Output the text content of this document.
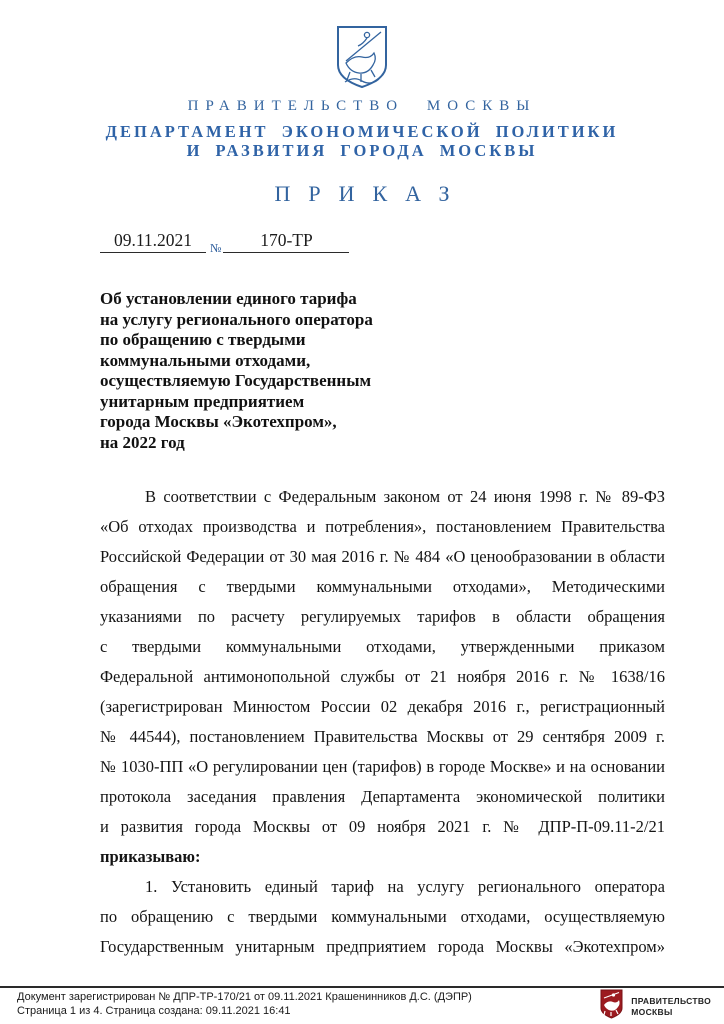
ПРАВИТЕЛЬСТВО МОСКВЫ
ДЕПАРТАМЕНТ ЭКОНОМИЧЕСКОЙ ПОЛИТИКИ
И РАЗВИТИЯ ГОРОДА МОСКВЫ
ПРИКАЗ
09.11.2021	№	170-ТР
Об установлении единого тарифа
на услугу регионального оператора
по обращению с твердыми
коммунальными отходами,
осуществляемую Государственным
унитарным предприятием
города Москвы «Экотехпром»,
на 2022 год
В соответствии с Федеральным законом от 24 июня 1998 г. № 89-ФЗ
«Об отходах производства и потребления», постановлением Правительства
Российской Федерации от 30 мая 2016 г. № 484 «О ценообразовании в области
обращения с твердыми коммунальными отходами», Методическими
указаниями по расчету регулируемых тарифов в области обращения
с твердыми коммунальными отходами, утвержденными приказом
Федеральной антимонопольной службы от 21 ноября 2016 г. № 1638/16
(зарегистрирован Минюстом России 02 декабря 2016 г., регистрационный
№ 44544), постановлением Правительства Москвы от 29 сентября 2009 г.
№ 1030-ПП «О регулировании цен (тарифов) в городе Москве» и на основании
протокола заседания правления Департамента экономической политики
и развития города Москвы от 09 ноября 2021 г. № ДПР-П-09.11-2/21
приказываю:
1. Установить единый тариф на услугу регионального оператора
по обращению с твердыми коммунальными отходами, осуществляемую
Государственным унитарным предприятием города Москвы «Экотехпром»
Документ зарегистрирован № ДПР-ТР-170/21 от 09.11.2021 Крашенинников Д.С. (ДЭПР)
Страница 1 из 4. Страница создана: 09.11.2021 16:41
ПРАВИТЕЛЬСТВО
МОСКВЫ
